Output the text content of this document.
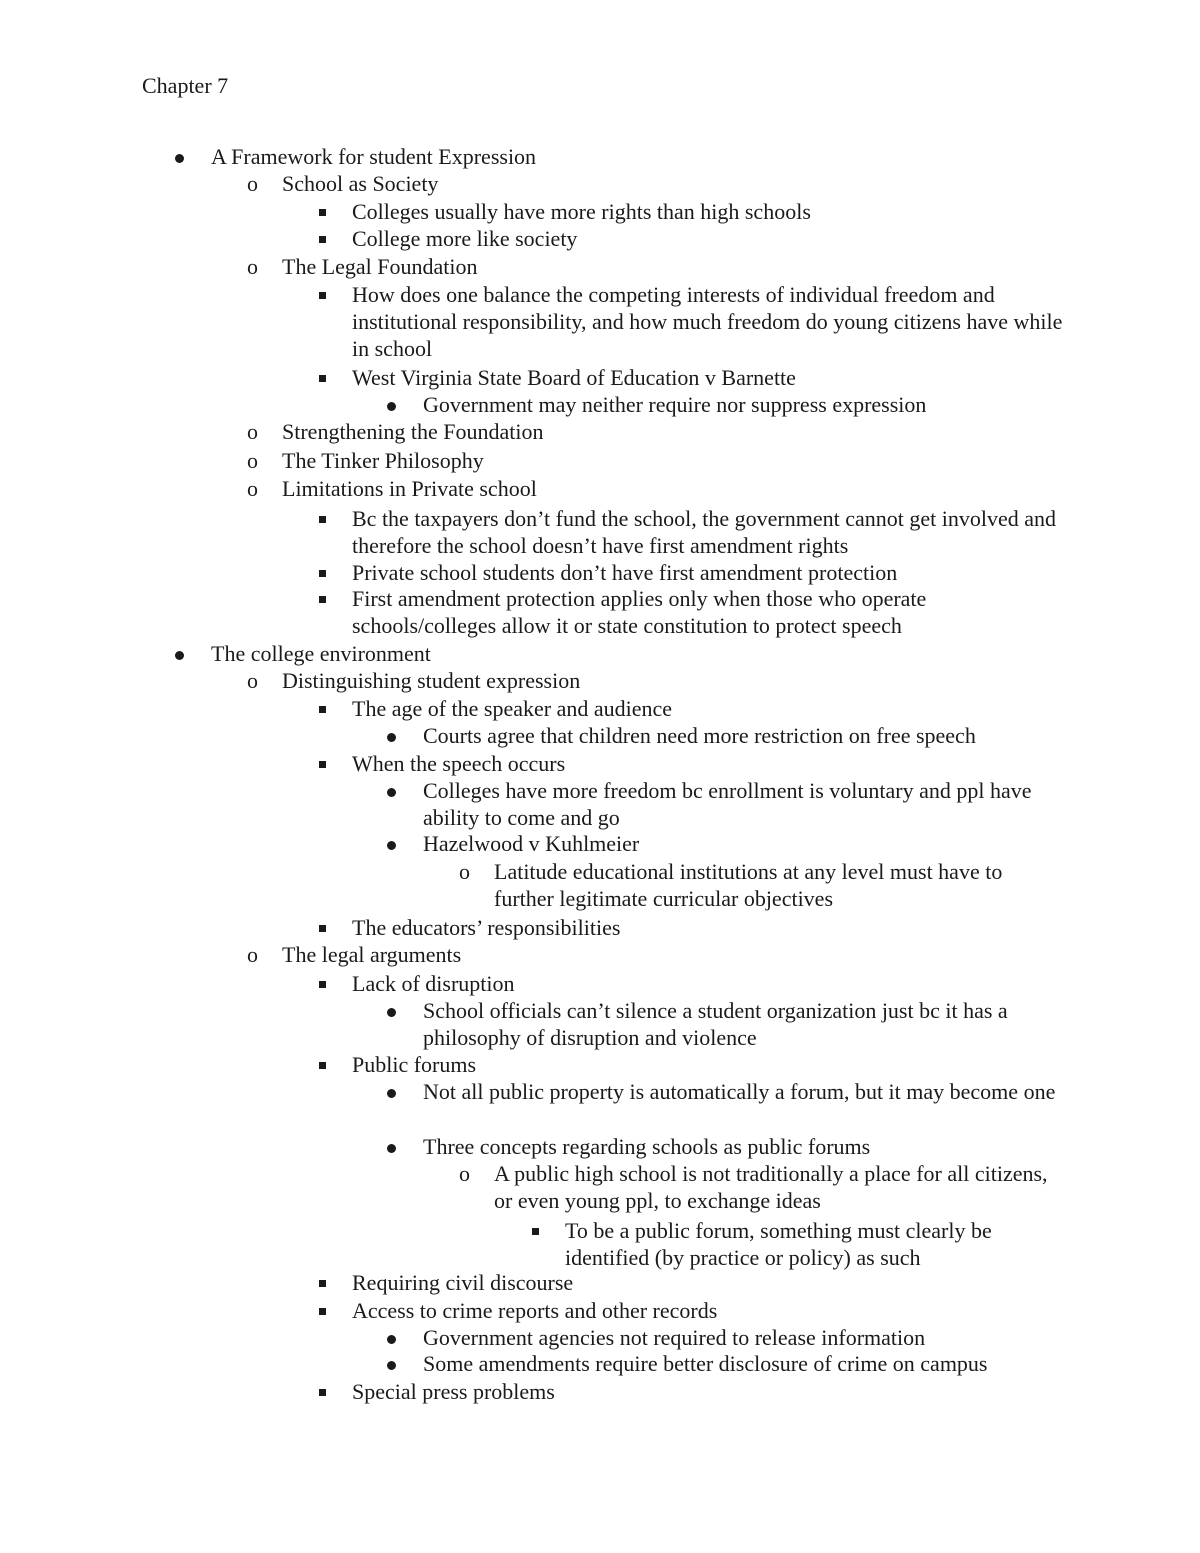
Chapter 7
A Framework for student Expression
o School as Society
Colleges usually have more rights than high schools
College more like society
o The Legal Foundation
How does one balance the competing interests of individual freedom and institutional responsibility, and how much freedom do young citizens have while in school
West Virginia State Board of Education v Barnette
Government may neither require nor suppress expression
o Strengthening the Foundation
o The Tinker Philosophy
o Limitations in Private school
Bc the taxpayers don’t fund the school, the government cannot get involved and therefore the school doesn’t have first amendment rights
Private school students don’t have first amendment protection
First amendment protection applies only when those who operate schools/colleges allow it or state constitution to protect speech
The college environment
o Distinguishing student expression
The age of the speaker and audience
Courts agree that children need more restriction on free speech
When the speech occurs
Colleges have more freedom bc enrollment is voluntary and ppl have ability to come and go
Hazelwood v Kuhlmeier
o Latitude educational institutions at any level must have to further legitimate curricular objectives
The educators’ responsibilities
o The legal arguments
Lack of disruption
School officials can’t silence a student organization just bc it has a philosophy of disruption and violence
Public forums
Not all public property is automatically a forum, but it may become one
Three concepts regarding schools as public forums
o A public high school is not traditionally a place for all citizens, or even young ppl, to exchange ideas
To be a public forum, something must clearly be identified (by practice or policy) as such
Requiring civil discourse
Access to crime reports and other records
Government agencies not required to release information
Some amendments require better disclosure of crime on campus
Special press problems
